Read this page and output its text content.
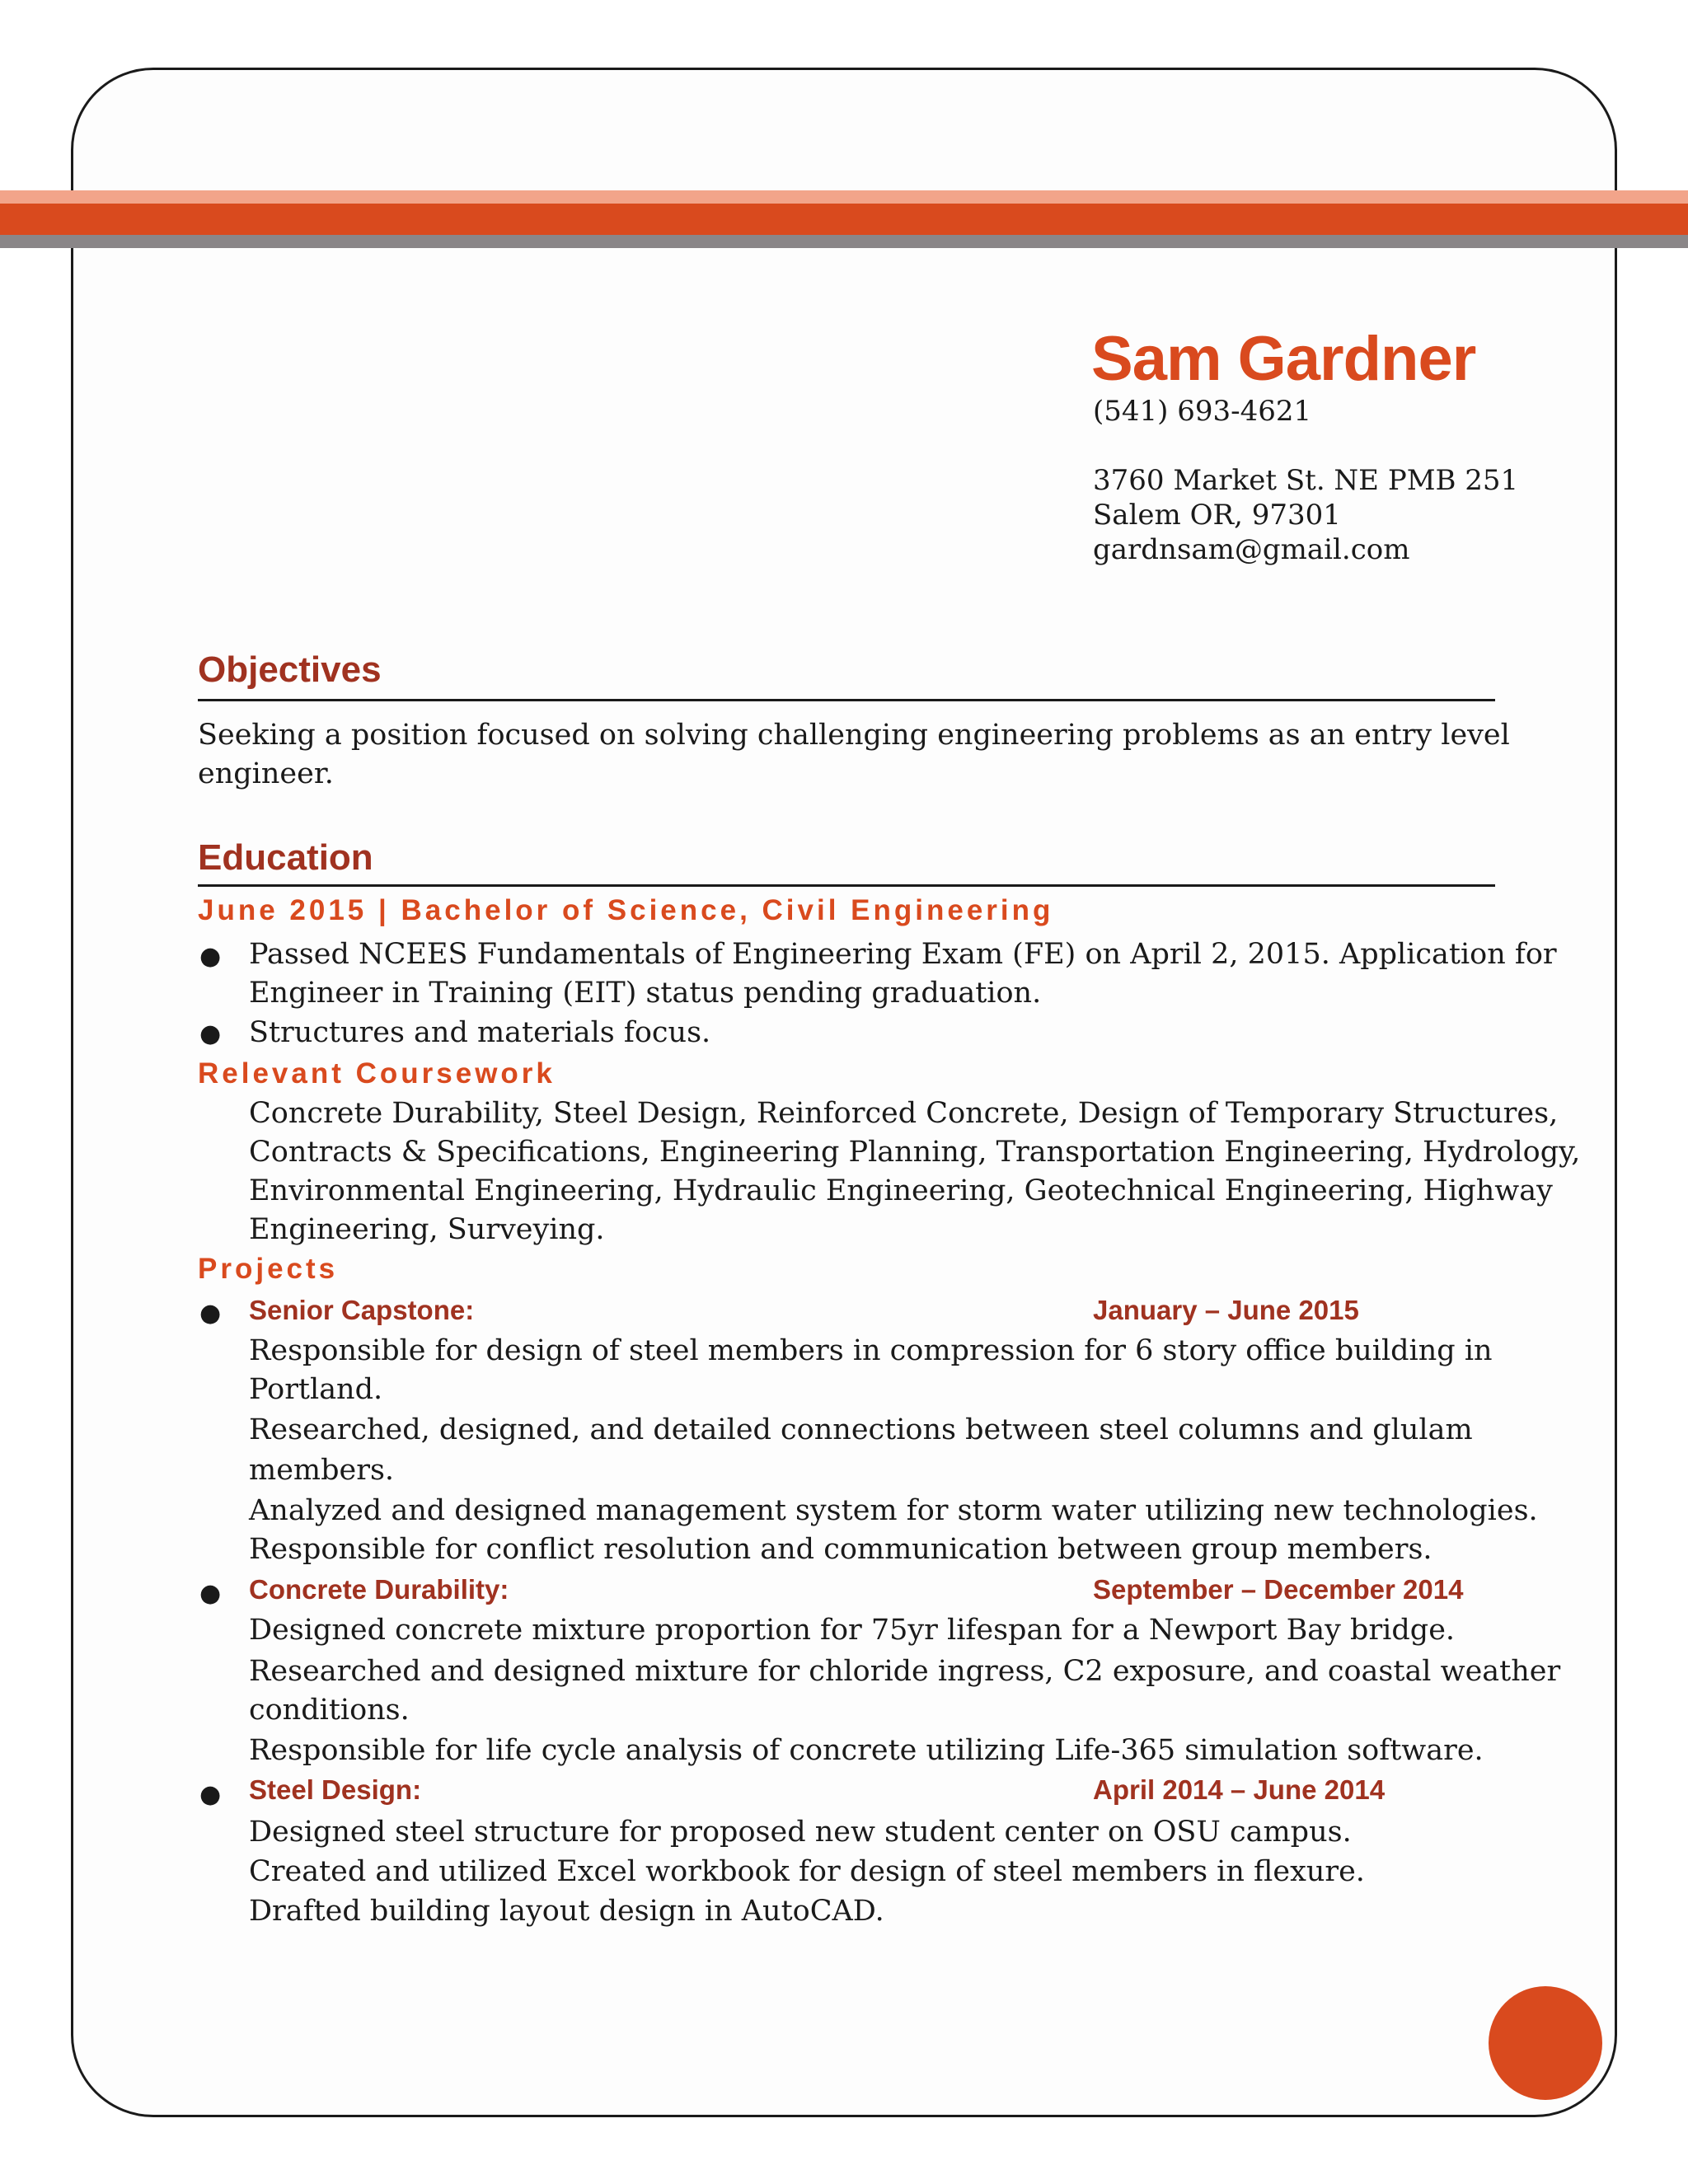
Sam Gardner
(541) 693-4621
3760 Market St. NE PMB 251
Salem OR, 97301
gardnsam@gmail.com
Objectives
Seeking a position focused on solving challenging engineering problems as an entry level
engineer.
Education
June 2015 | Bachelor of Science, Civil Engineering
● Passed NCEES Fundamentals of Engineering Exam (FE) on April 2, 2015. Application for
Engineer in Training (EIT) status pending graduation.
● Structures and materials focus.
Relevant Coursework
Concrete Durability, Steel Design, Reinforced Concrete, Design of Temporary Structures,
Contracts & Specifications, Engineering Planning, Transportation Engineering, Hydrology,
Environmental Engineering, Hydraulic Engineering, Geotechnical Engineering, Highway
Engineering, Surveying.
Projects
● Senior Capstone:	January – June 2015
Responsible for design of steel members in compression for 6 story office building in
Portland.
Researched, designed, and detailed connections between steel columns and glulam
members.
Analyzed and designed management system for storm water utilizing new technologies.
Responsible for conflict resolution and communication between group members.
● Concrete Durability:	September – December 2014
Designed concrete mixture proportion for 75yr lifespan for a Newport Bay bridge.
Researched and designed mixture for chloride ingress, C2 exposure, and coastal weather
conditions.
Responsible for life cycle analysis of concrete utilizing Life-365 simulation software.
● Steel Design:	April 2014 – June 2014
Designed steel structure for proposed new student center on OSU campus.
Created and utilized Excel workbook for design of steel members in flexure.
Drafted building layout design in AutoCAD.
